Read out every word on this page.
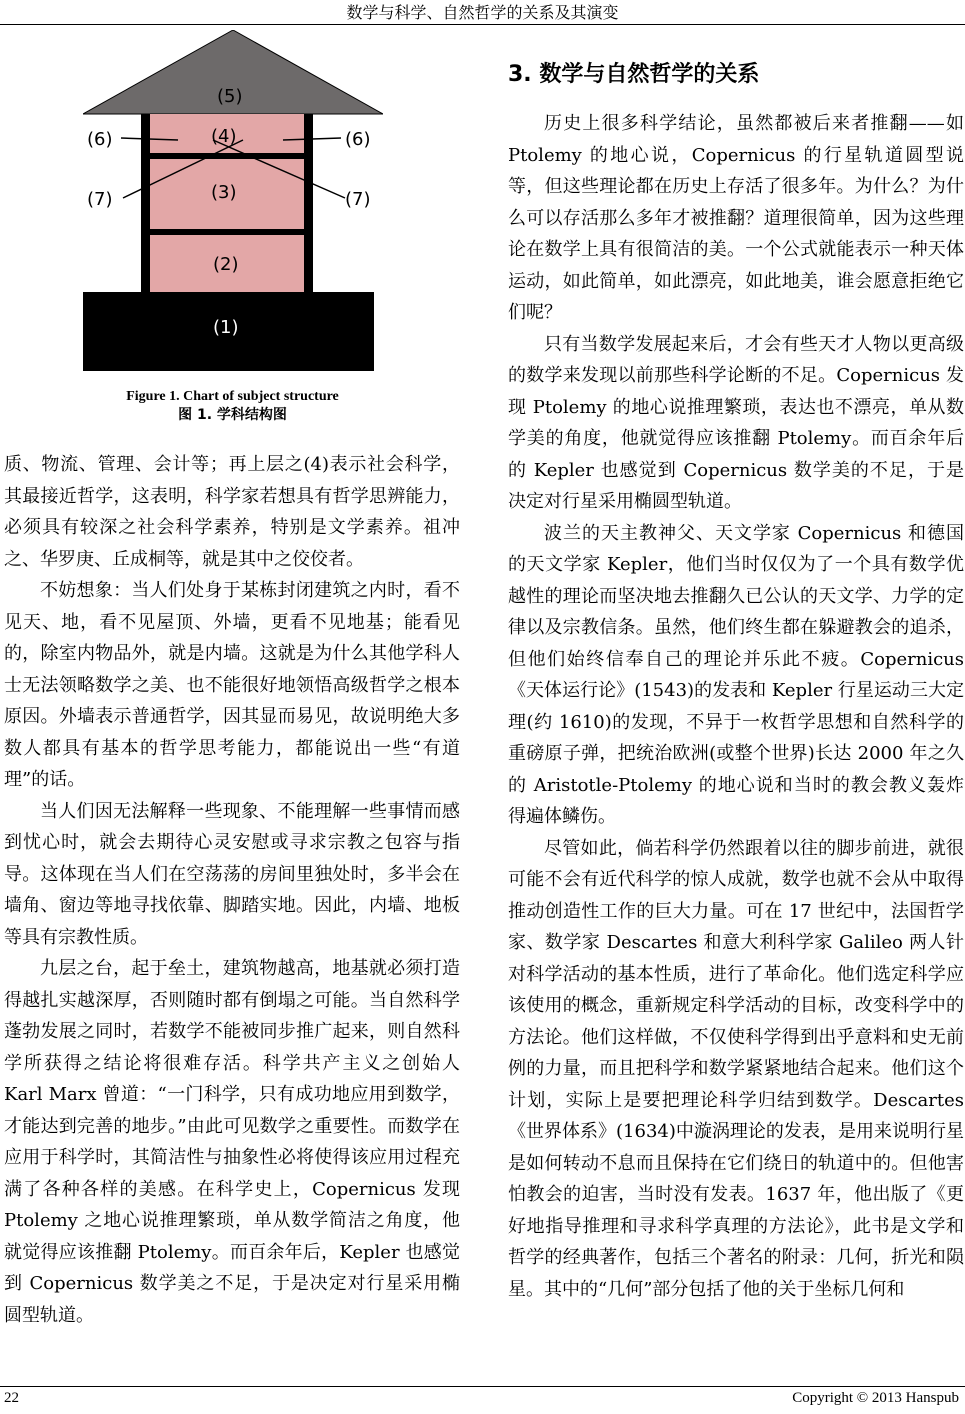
数学与科学、自然哲学的关系及其演变
(5)
(4)
(3)
(2)
(1)
(6)	(6)
(7)	(7)
Figure 1. Chart of subject structure
图 1. 学科结构图

质、物流、管理、会计等；再上层之(4)表示社会科学，其最接近哲学，这表明，科学家若想具有哲学思辨能力，必须具有较深之社会科学素养，特别是文学素养。祖冲之、华罗庚、丘成桐等，就是其中之佼佼者。

不妨想象：当人们处身于某栋封闭建筑之内时，看不见天、地，看不见屋顶、外墙，更看不见地基；能看见的，除室内物品外，就是内墙。这就是为什么其他学科人士无法领略数学之美、也不能很好地领悟高级哲学之根本原因。外墙表示普通哲学，因其显而易见，故说明绝大多数人都具有基本的哲学思考能力，都能说出一些“有道理”的话。

当人们因无法解释一些现象、不能理解一些事情而感到忧心时，就会去期待心灵安慰或寻求宗教之包容与指导。这体现在当人们在空荡荡的房间里独处时，多半会在墙角、窗边等地寻找依靠、脚踏实地。因此，内墙、地板等具有宗教性质。

九层之台，起于垒土，建筑物越高，地基就必须打造得越扎实越深厚，否则随时都有倒塌之可能。当自然科学蓬勃发展之同时，若数学不能被同步推广起来，则自然科学所获得之结论将很难存活。科学共产主义之创始人 Karl Marx 曾道：“一门科学，只有成功地应用到数学，才能达到完善的地步。”由此可见数学之重要性。而数学在应用于科学时，其简洁性与抽象性必将使得该应用过程充满了各种各样的美感。在科学史上，Copernicus 发现 Ptolemy 之地心说推理繁琐，单从数学简洁之角度，他就觉得应该推翻 Ptolemy。而百余年后，Kepler 也感觉到 Copernicus 数学美之不足，于是决定对行星采用椭圆型轨道。

3. 数学与自然哲学的关系

历史上很多科学结论，虽然都被后来者推翻——如 Ptolemy 的地心说，Copernicus 的行星轨道圆型说等，但这些理论都在历史上存活了很多年。为什么？为什么可以存活那么多年才被推翻？道理很简单，因为这些理论在数学上具有很简洁的美。一个公式就能表示一种天体运动，如此简单，如此漂亮，如此地美，谁会愿意拒绝它们呢？

只有当数学发展起来后，才会有些天才人物以更高级的数学来发现以前那些科学论断的不足。Copernicus 发现 Ptolemy 的地心说推理繁琐，表达也不漂亮，单从数学美的角度，他就觉得应该推翻 Ptolemy。而百余年后的 Kepler 也感觉到 Copernicus 数学美的不足，于是决定对行星采用椭圆型轨道。

波兰的天主教神父、天文学家 Copernicus 和德国的天文学家 Kepler，他们当时仅仅为了一个具有数学优越性的理论而坚决地去推翻久已公认的天文学、力学的定律以及宗教信条。虽然，他们终生都在躲避教会的追杀，但他们始终信奉自己的理论并乐此不疲。Copernicus《天体运行论》(1543)的发表和 Kepler 行星运动三大定理(约 1610)的发现，不异于一枚哲学思想和自然科学的重磅原子弹，把统治欧洲(或整个世界)长达 2000 年之久的 Aristotle-Ptolemy 的地心说和当时的教会教义轰炸得遍体鳞伤。

尽管如此，倘若科学仍然跟着以往的脚步前进，就很可能不会有近代科学的惊人成就，数学也就不会从中取得推动创造性工作的巨大力量。可在 17 世纪中，法国哲学家、数学家 Descartes 和意大利科学家 Galileo 两人针对科学活动的基本性质，进行了革命化。他们选定科学应该使用的概念，重新规定科学活动的目标，改变科学中的方法论。他们这样做，不仅使科学得到出乎意料和史无前例的力量，而且把科学和数学紧紧地结合起来。他们这个计划，实际上是要把理论科学归结到数学。Descartes《世界体系》(1634)中漩涡理论的发表，是用来说明行星是如何转动不息而且保持在它们绕日的轨道中的。但他害怕教会的迫害，当时没有发表。1637 年，他出版了《更好地指导推理和寻求科学真理的方法论》，此书是文学和哲学的经典著作，包括三个著名的附录：几何，折光和陨星。其中的“几何”部分包括了他的关于坐标几何和

22	Copyright © 2013 Hanspub
